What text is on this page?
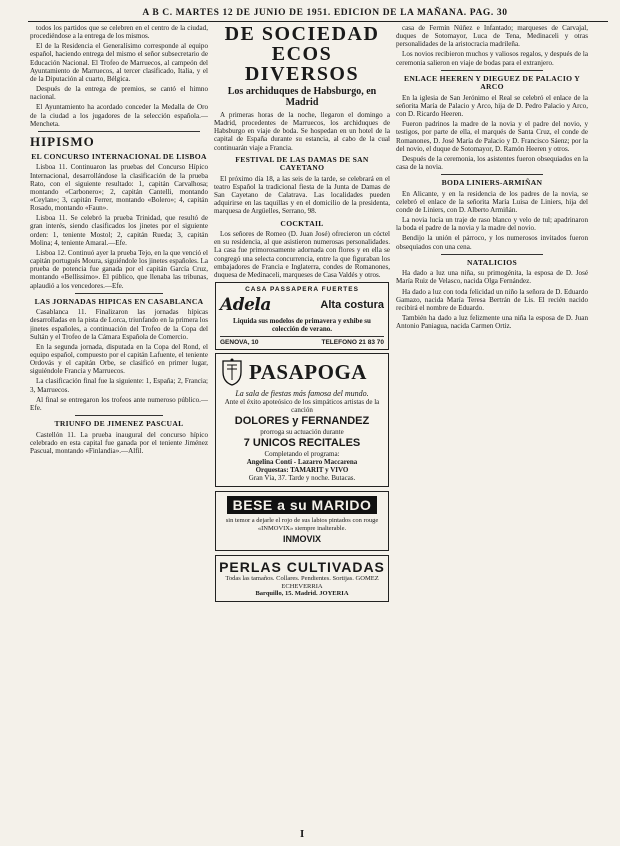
A B C. MARTES 12 DE JUNIO DE 1951. EDICION DE LA MAÑANA. PAG. 30

todos los partidos que se celebren en el centro de la ciudad, procediéndose a la entrega de los mismos.

El de la Residencia el Generalísimo corresponde al equipo español, haciendo entrega del mismo el señor subsecretario de Educación Nacional. El Trofeo de Marruecos, al campeón del Ayuntamiento de Marruecos, al tercer clasificado, Italia, y el de la Diputación al cuarto, Bélgica.

Después de la entrega de premios, se cantó el himno nacional.

El Ayuntamiento ha acordado conceder la Medalla de Oro de la ciudad a los jugadores de la selección española.—Mencheta.

HIPISMO
EL CONCURSO INTERNACIONAL DE LISBOA

Lisboa 11. Continuaron las pruebas del Concurso Hípico Internacional, desarrollándose la clasificación de la prueba Rato, con el siguiente resultado: 1, capitán Carvalhosa; montando «Carbonero»; 2, capitán Cantelli, montando «Ceylan»; 3, capitán Ferrer, montando «Bolero»; 4, capitán Rosado, montando «Faun».

Lisboa 11. Se celebró la prueba Trinidad, que resultó de gran interés, siendo clasificados los jinetes por el siguiente orden: 1, teniente Mostol; 2, capitán Rueda; 3, capitán Molina; 4, teniente Amaral.—Efe.

Lisboa 12. Continuó ayer la prueba Tejo, en la que venció el capitán portugués Moura, siguiéndole los jinetes españoles. La prueba de potencia fue ganada por el capitán García Cruz, montando «Bellíssimo». El público, que llenaba las tribunas, aplaudió a los vencedores.—Efe.

LAS JORNADAS HIPICAS EN CASABLANCA

Casablanca 11. Finalizaron las jornadas hípicas desarrolladas en la pista de Lorca, triunfando en la primera los jinetes españoles, a continuación del Trofeo de la Copa del Sultán y el Trofeo de la Cámara Española de Comercio.

En la segunda jornada, disputada en la Copa del Rond, el equipo español, compuesto por el capitán Lafuente, el teniente Ordovás y el capitán Orbe, se clasificó en primer lugar, siguiéndole Francia y Marruecos.

La clasificación final fue la siguiente: 1, España; 2, Francia; 3, Marruecos.

Al final se entregaron los trofeos ante numeroso público.—Efe.

TRIUNFO DE JIMENEZ PASCUAL

Castellón 11. La prueba inaugural del concurso hípico celebrado en esta capital fue ganada por el teniente Jiménez Pascual, montando «Finlandia».—Alfil.

DE SOCIEDAD
ECOS DIVERSOS
Los archiduques de Habsburgo, en Madrid

A primeras horas de la noche, llegaron el domingo a Madrid, procedentes de Marruecos, los archiduques de Habsburgo en viaje de boda. Se hospedan en un hotel de la capital de España durante su estancia, al cabo de la cual continuarán viaje a Francia.

FESTIVAL DE LAS DAMAS DE SAN CAYETANO

El próximo día 18, a las seis de la tarde, se celebrará en el teatro Español la tradicional fiesta de la Junta de Damas de San Cayetano de Calatrava. Las localidades pueden adquirirse en las taquillas y en el domicilio de la presidenta, marquesa de Argüelles, Serrano, 98.

COCKTAIL

Los señores de Romeo (D. Juan José) ofrecieron un cóctel en su residencia, al que asistieron numerosas personalidades. La casa fue primorosamente adornada con flores y en ella se congregó una selecta concurrencia, entre la que figuraban los embajadores de Francia e Inglaterra, condes de Romanones, duquesa de Medinaceli, marqueses de Casa Valdés y otros.

CASA PASSAPERA FUERTES
Adela	Alta costura
Liquida sus modelos de primavera y exhibe su colección de verano.
GENOVA, 10	TELEFONO 21 83 70
PASAPOGA
La sala de fiestas más famosa del mundo.
Ante el éxito apoteósico de los simpáticos artistas de la canción
DOLORES y FERNANDEZ
prorroga su actuación durante
7 UNICOS RECITALES
Completando el programa:
Angelina Conti - Lazarro Maccarena
Orquestas: TAMARIT y VIVO
Gran Vía, 37. Tarde y noche. Butacas.
BESE a su MARIDO
sin temor a dejarle el rojo de sus labios pintados con rouge «INMOVIX» siempre inalterable.
INMOVIX
PERLAS CULTIVADAS
Todas las tamaños. Collares. Pendientes. Sortijas. GOMEZ ECHEVERRIA
Barquillo, 15. Madrid. JOYERIA

casa de Fermín Núñez e Infantado; marqueses de Carvajal, duques de Sotomayor, Luca de Tena, Medinaceli y otras personalidades de la aristocracia madrileña.

Los novios recibieron muchos y valiosos regalos, y después de la ceremonia salieron en viaje de bodas para el extranjero.

ENLACE HEEREN Y DIEGUEZ DE PALACIO Y ARCO

En la iglesia de San Jerónimo el Real se celebró el enlace de la señorita María de Palacio y Arco, hija de D. Pedro Palacio y Arco, con D. Ricardo Heeren.

Fueron padrinos la madre de la novia y el padre del novio, y testigos, por parte de ella, el marqués de Santa Cruz, el conde de Romanones, D. José María de Palacio y D. Francisco Sáenz; por la del novio, el duque de Sotomayor, D. Ramón Heeren y otros.

Después de la ceremonia, los asistentes fueron obsequiados en la casa de la novia.

BODA LINIERS-ARMIÑAN

En Alicante, y en la residencia de los padres de la novia, se celebró el enlace de la señorita María Luisa de Liniers, hija del conde de Liniers, con D. Alberto Armiñán.

La novia lucía un traje de raso blanco y velo de tul; apadrinaron la boda el padre de la novia y la madre del novio.

Bendijo la unión el párroco, y los numerosos invitados fueron obsequiados con una cena.

NATALICIOS

Ha dado a luz una niña, su primogénita, la esposa de D. José María Ruiz de Velasco, nacida Olga Fernández.

Ha dado a luz con toda felicidad un niño la señora de D. Eduardo Gamazo, nacida María Teresa Bertrán de Lis. El recién nacido recibirá el nombre de Eduardo.

También ha dado a luz felizmente una niña la esposa de D. Juan Antonio Paniagua, nacida Carmen Ortiz.

I
